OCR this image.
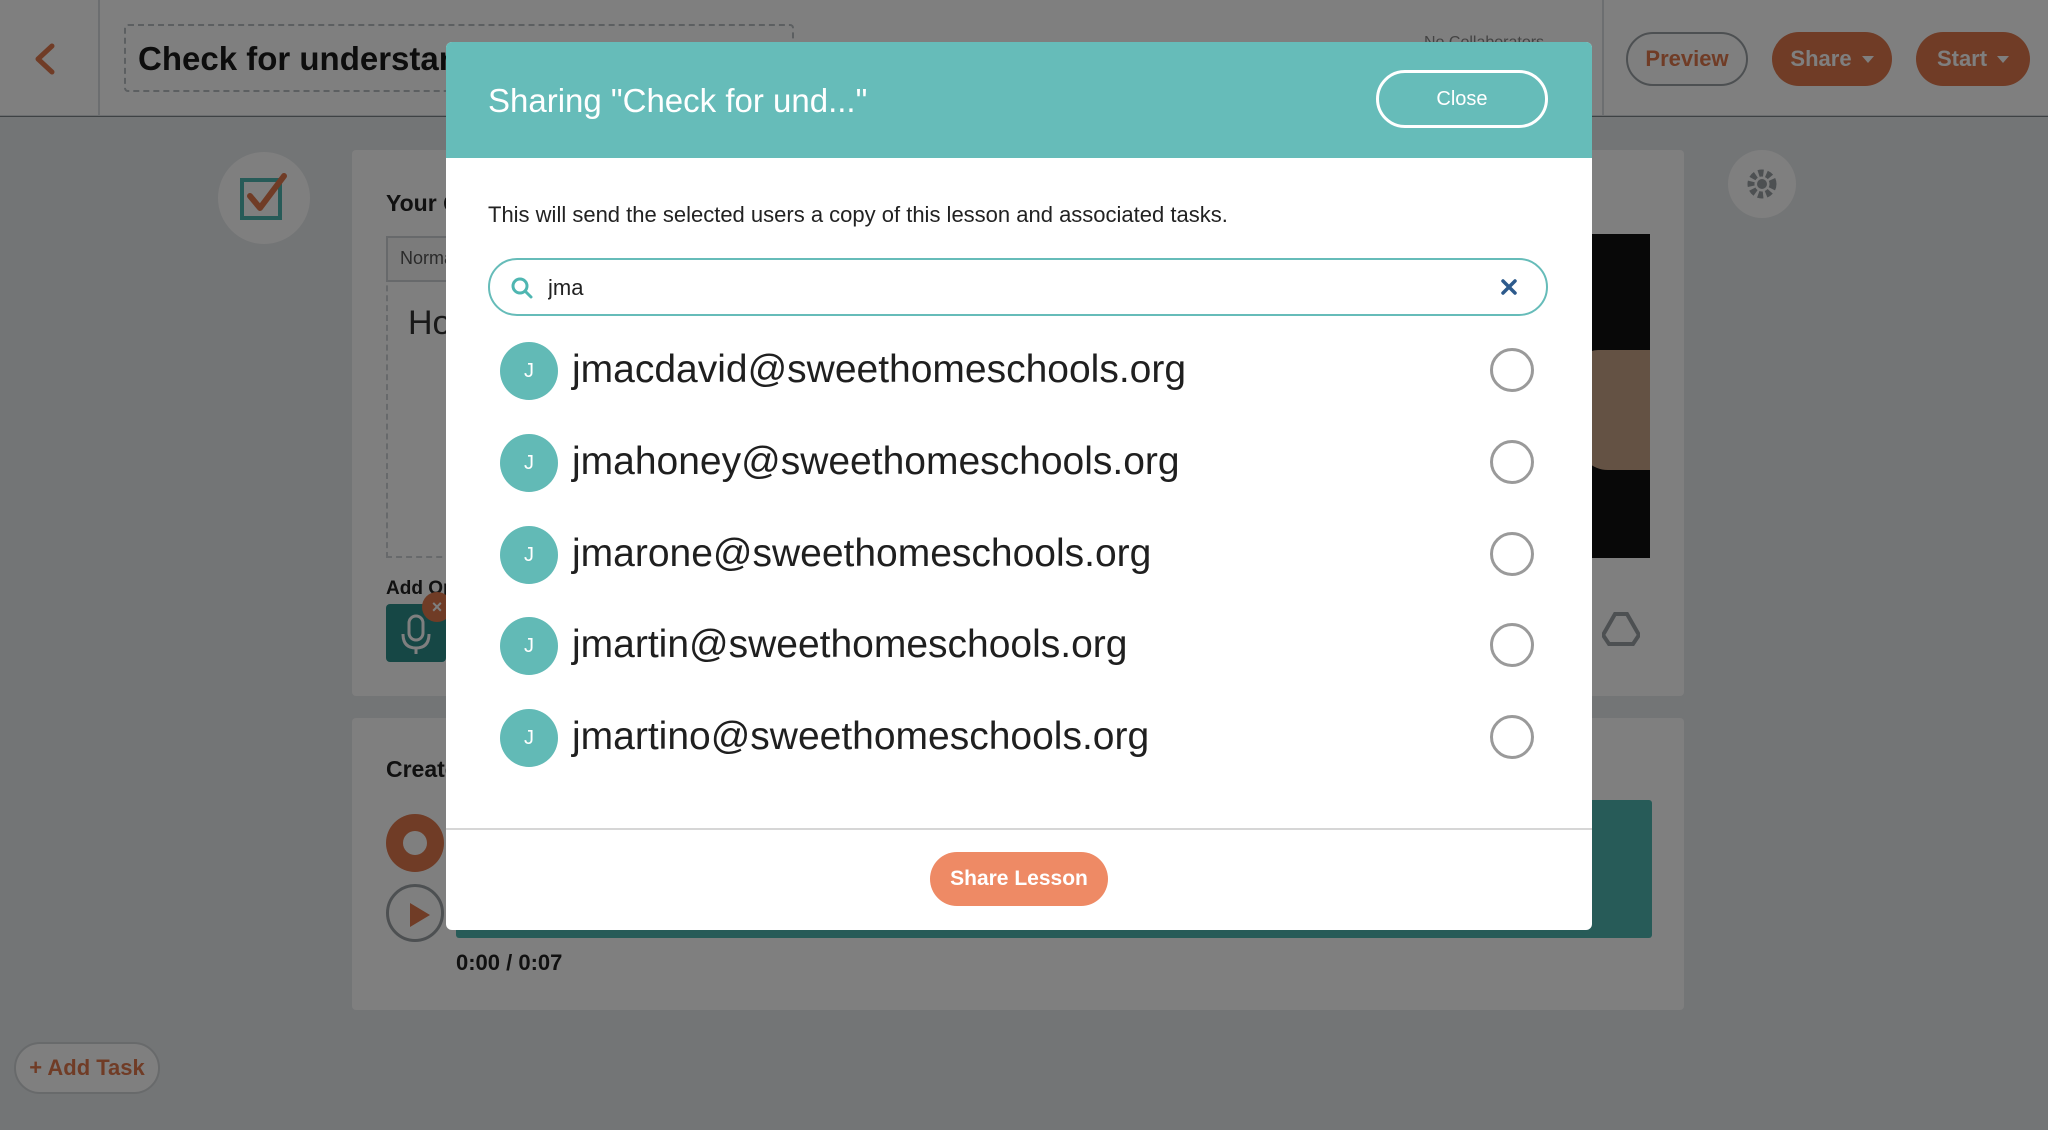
Sharing "Check for und..."	Close
This will send the selected users a copy of this lesson and associated tasks.
jma
J jmacdavid@sweethomeschools.org
J jmahoney@sweethomeschools.org
J jmarone@sweethomeschools.org
J jmartin@sweethomeschools.org
J jmartino@sweethomeschools.org
Share Lesson
